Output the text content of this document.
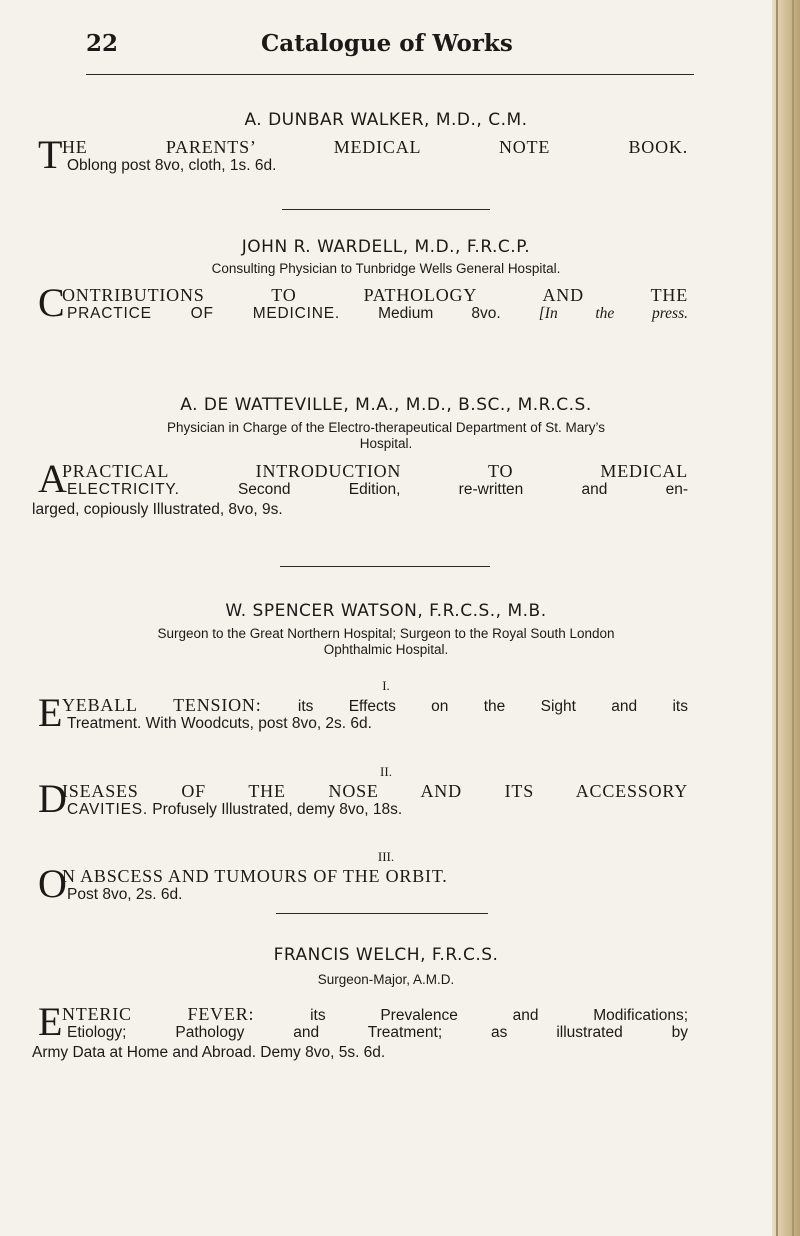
22	Catalogue of Works
A. DUNBAR WALKER, M.D., C.M.
T HE PARENTS’ MEDICAL NOTE BOOK.
Oblong post 8vo, cloth, 1s. 6d.
JOHN R. WARDELL, M.D., F.R.C.P.
Consulting Physician to Tunbridge Wells General Hospital.
C
ONTRIBUTIONS TO PATHOLOGY AND THE
PRACTICE OF MEDICINE. Medium 8vo. [In the press.
A. DE WATTEVILLE, M.A., M.D., B.SC., M.R.C.S.
Physician in Charge of the Electro-therapeutical Department of St. Mary’s
Hospital.
A
PRACTICAL INTRODUCTION TO MEDICAL
ELECTRICITY.	Second Edition, re-written and en-
larged, copiously Illustrated, 8vo, 9s.
W. SPENCER WATSON, F.R.C.S., M.B.
Surgeon to the Great Northern Hospital; Surgeon to the Royal South London
Ophthalmic Hospital.
I.
E YEBALL TENSION: its Effects on the Sight and its
Treatment. With Woodcuts, post 8vo, 2s. 6d.
II.
D
ISEASES OF THE NOSE AND ITS ACCESSORY
CAVITIES. Profusely Illustrated, demy 8vo, 18s.
III.
O
N ABSCESS AND TUMOURS OF THE ORBIT.
Post 8vo, 2s. 6d.
FRANCIS WELCH, F.R.C.S.
Surgeon-Major, A.M.D.
E NTERIC FEVER:	its Prevalence and Modifications;
Etiology; Pathology and Treatment; as illustrated by
Army Data at Home and Abroad. Demy 8vo, 5s. 6d.
